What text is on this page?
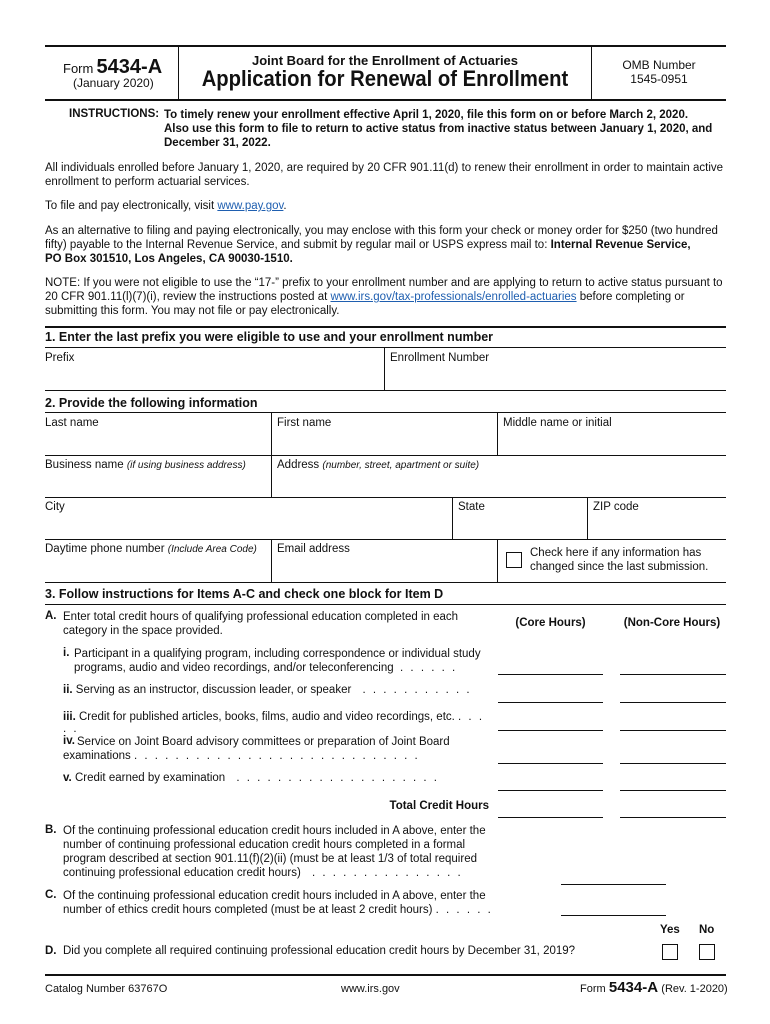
Form 5434-A
(January 2020)
Joint Board for the Enrollment of Actuaries
Application for Renewal of Enrollment
OMB Number
1545-0951
INSTRUCTIONS: To timely renew your enrollment effective April 1, 2020, file this form on or before March 2, 2020.
Also use this form to file to return to active status from inactive status between January 1, 2020, and
December 31, 2022.
All individuals enrolled before January 1, 2020, are required by 20 CFR 901.11(d) to renew their enrollment in order to maintain active
enrollment to perform actuarial services.
To file and pay electronically, visit www.pay.gov.
As an alternative to filing and paying electronically, you may enclose with this form your check or money order for $250 (two hundred
fifty) payable to the Internal Revenue Service, and submit by regular mail or USPS express mail to: Internal Revenue Service,
PO Box 301510, Los Angeles, CA 90030-1510.
NOTE: If you were not eligible to use the “17-” prefix to your enrollment number and are applying to return to active status pursuant to
20 CFR 901.11(l)(7)(i), review the instructions posted at www.irs.gov/tax-professionals/enrolled-actuaries before completing or
submitting this form. You may not file or pay electronically.
1. Enter the last prefix you were eligible to use and your enrollment number
Prefix	Enrollment Number
2. Provide the following information
Last name	First name	Middle name or initial
Business name (if using business address)	Address (number, street, apartment or suite)
City	State	ZIP code
Daytime phone number (Include Area Code) Email address	Check here if any information has
changed since the last submission.
3. Follow instructions for Items A-C and check one block for Item D
A. Enter total credit hours of qualifying professional education completed in each
category in the space provided.
(Core Hours)	(Non-Core Hours)
i. Participant in a qualifying program, including correspondence or individual study
programs, audio and video recordings, and/or teleconferencing . . . . . .
ii. Serving as an instructor, discussion leader, or speaker . . . . . . . . . . .
iii. Credit for published articles, books, films, audio and video recordings, etc. . . . . .
iv. Service on Joint Board advisory committees or preparation of Joint Board
examinations . . . . . . . . . . . . . . . . . . . . . . . . . . . .
v. Credit earned by examination . . . . . . . . . . . . . . . . . . . .
Total Credit Hours
B. Of the continuing professional education credit hours included in A above, enter the
number of continuing professional education credit hours completed in a formal
program described at section 901.11(f)(2)(ii) (must be at least 1/3 of total required
continuing professional education credit hours) . . . . . . . . . . . . . . .
C. Of the continuing professional education credit hours included in A above, enter the
number of ethics credit hours completed (must be at least 2 credit hours) . . . . . .
Yes No
D. Did you complete all required continuing professional education credit hours by December 31, 2019?
Catalog Number 63767O	www.irs.gov	Form 5434-A (Rev. 1-2020)
